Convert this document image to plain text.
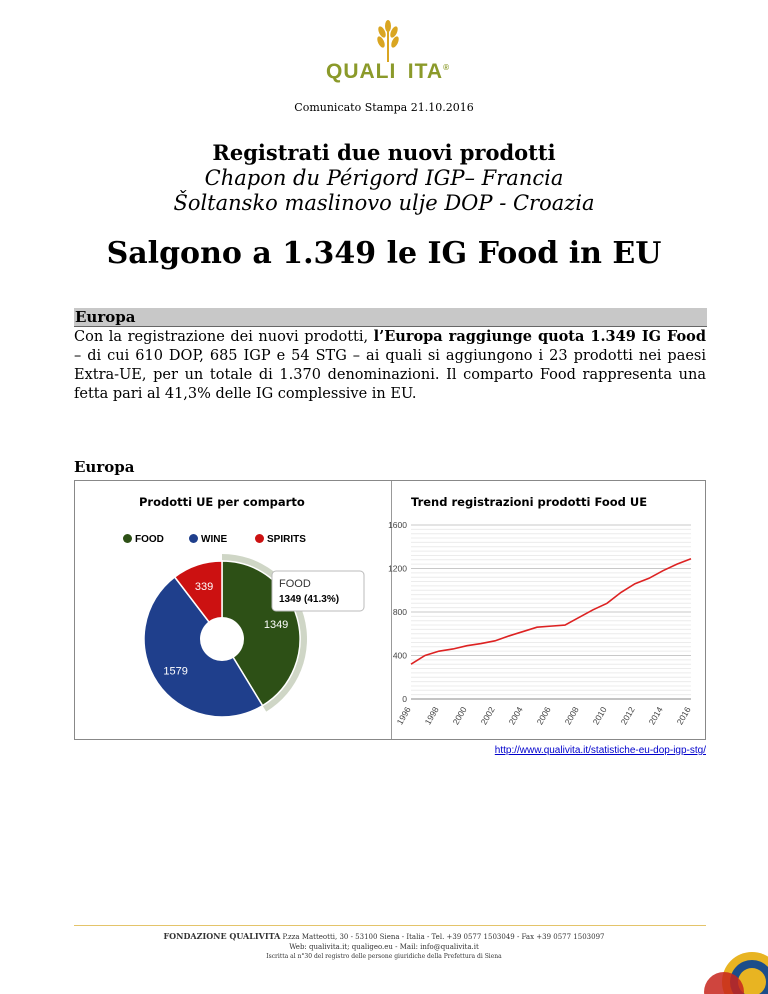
QUALI ITA®
Comunicato Stampa 21.10.2016
Registrati due nuovi prodotti
Chapon du Périgord IGP– Francia
Šoltansko maslinovo ulje DOP - Croazia
Salgono a 1.349 le IG Food in EU
Europa
Con la registrazione dei nuovi prodotti, l’Europa raggiunge quota 1.349 IG Food – di cui 610 DOP, 685 IGP e 54 STG – ai quali si aggiungono i 23 prodotti nei paesi Extra-UE, per un totale di 1.370 denominazioni. Il comparto Food rappresenta una fetta pari al 41,3% delle IG complessive in EU.
Europa
Prodotti UE per comparto
FOOD	WINE	SPIRITS
1349
1579
339	FOOD
1349 (41.3%)
Trend registrazioni prodotti Food UE
0
400
800
1200
1600
1996 1998 2000 2002 2004 2006 2008 2010 2012 2014 2016
http://www.qualivita.it/statistiche-eu-dop-igp-stg/
FONDAZIONE QUALIVITA P.zza Matteotti, 30 - 53100 Siena - Italia - Tel. +39 0577 1503049 - Fax +39 0577 1503097
Web: qualivita.it; qualigeo.eu - Mail: info@qualivita.it
Iscritta al n°30 del registro delle persone giuridiche della Prefettura di Siena
